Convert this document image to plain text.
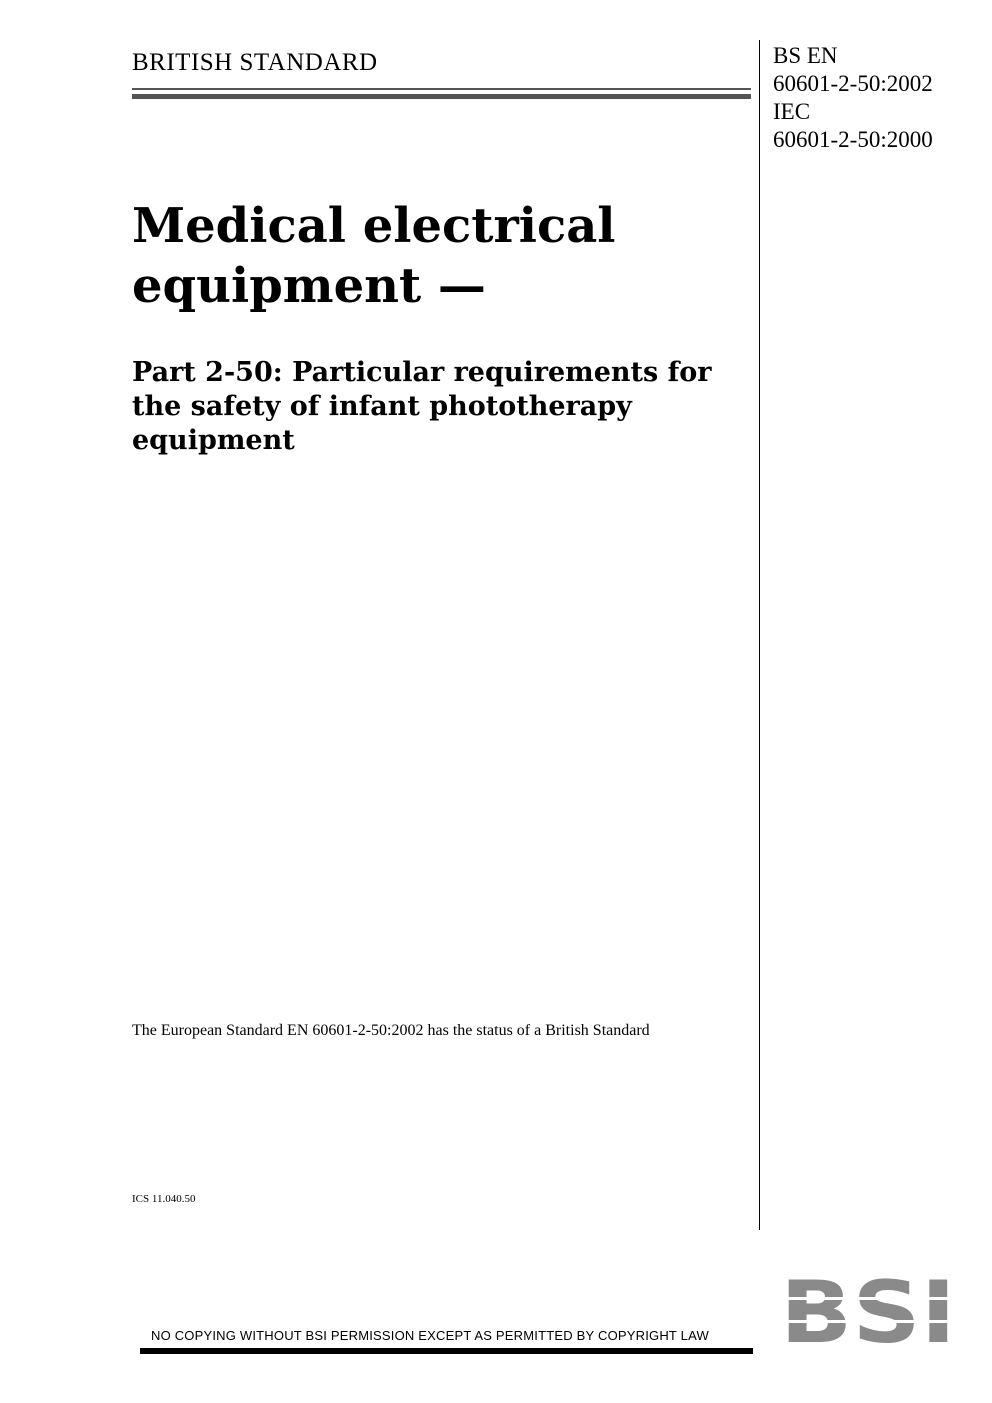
BRITISH STANDARD	BS EN
60601-2-50:2002
IEC
60601-2-50:2000
Medical electrical
equipment —
Part 2-50: Particular requirements for the safety of infant phototherapy equipment
The European Standard EN 60601-2-50:2002 has the status of a British Standard
ICS 11.040.50
NO COPYING WITHOUT BSI PERMISSION EXCEPT AS PERMITTED BY COPYRIGHT LAW
